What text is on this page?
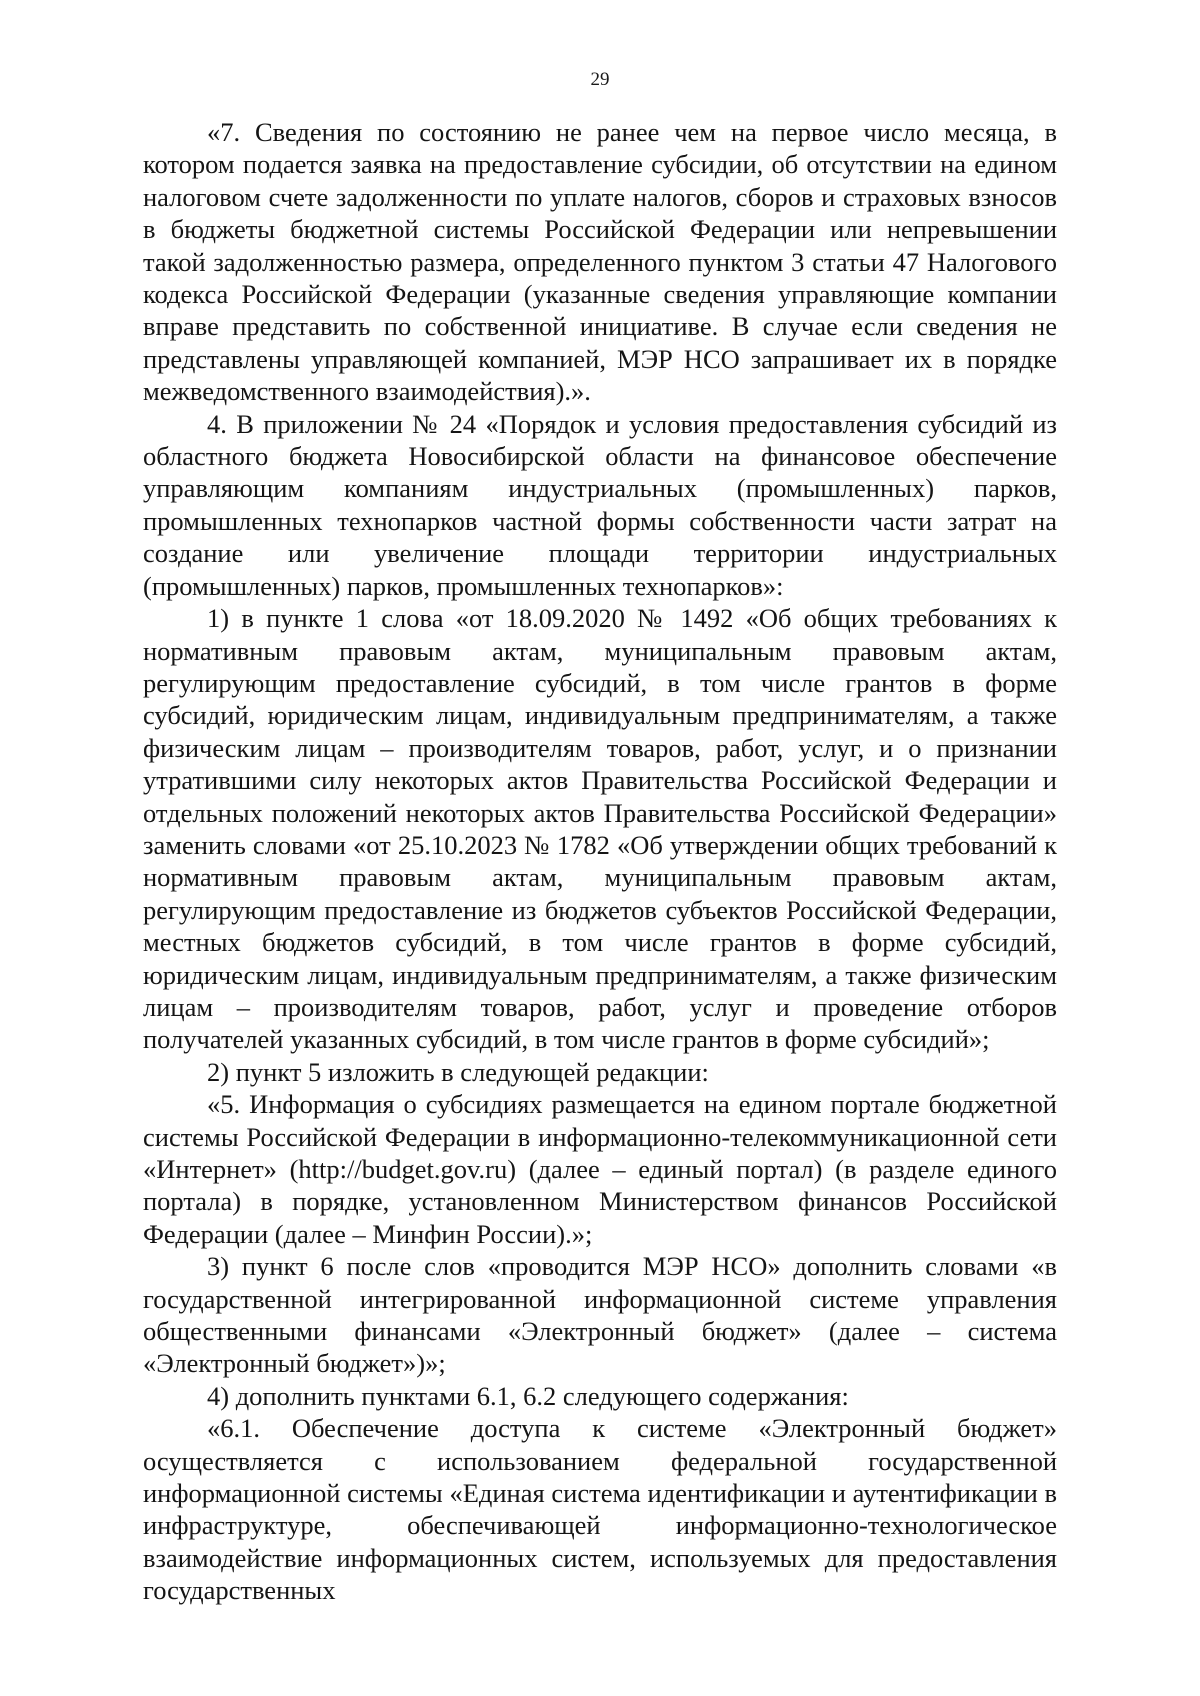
29

«7. Сведения по состоянию не ранее чем на первое число месяца, в котором подается заявка на предоставление субсидии, об отсутствии на едином налоговом счете задолженности по уплате налогов, сборов и страховых взносов в бюджеты бюджетной системы Российской Федерации или непревышении такой задолженностью размера, определенного пунктом 3 статьи 47 Налогового кодекса Российской Федерации (указанные сведения управляющие компании вправе представить по собственной инициативе. В случае если сведения не представлены управляющей компанией, МЭР НСО запрашивает их в порядке межведомственного взаимодействия).».

4. В приложении № 24 «Порядок и условия предоставления субсидий из областного бюджета Новосибирской области на финансовое обеспечение управляющим компаниям индустриальных (промышленных) парков, промышленных технопарков частной формы собственности части затрат на создание или увеличение площади территории индустриальных (промышленных) парков, промышленных технопарков»:

1) в пункте 1 слова «от 18.09.2020 № 1492 «Об общих требованиях к нормативным правовым актам, муниципальным правовым актам, регулирующим предоставление субсидий, в том числе грантов в форме субсидий, юридическим лицам, индивидуальным предпринимателям, а также физическим лицам – производителям товаров, работ, услуг, и о признании утратившими силу некоторых актов Правительства Российской Федерации и отдельных положений некоторых актов Правительства Российской Федерации» заменить словами «от 25.10.2023 № 1782 «Об утверждении общих требований к нормативным правовым актам, муниципальным правовым актам, регулирующим предоставление из бюджетов субъектов Российской Федерации, местных бюджетов субсидий, в том числе грантов в форме субсидий, юридическим лицам, индивидуальным предпринимателям, а также физическим лицам – производителям товаров, работ, услуг и проведение отборов получателей указанных субсидий, в том числе грантов в форме субсидий»;

2) пункт 5 изложить в следующей редакции:

«5. Информация о субсидиях размещается на едином портале бюджетной системы Российской Федерации в информационно-телекоммуникационной сети «Интернет» (http://budget.gov.ru) (далее – единый портал) (в разделе единого портала) в порядке, установленном Министерством финансов Российской Федерации (далее – Минфин России).»;

3) пункт 6 после слов «проводится МЭР НСО» дополнить словами «в государственной интегрированной информационной системе управления общественными финансами «Электронный бюджет» (далее – система «Электронный бюджет»)»;

4) дополнить пунктами 6.1, 6.2 следующего содержания:

«6.1. Обеспечение доступа к системе «Электронный бюджет» осуществляется с использованием федеральной государственной информационной системы «Единая система идентификации и аутентификации в инфраструктуре, обеспечивающей информационно-технологическое взаимодействие информационных систем, используемых для предоставления государственных
